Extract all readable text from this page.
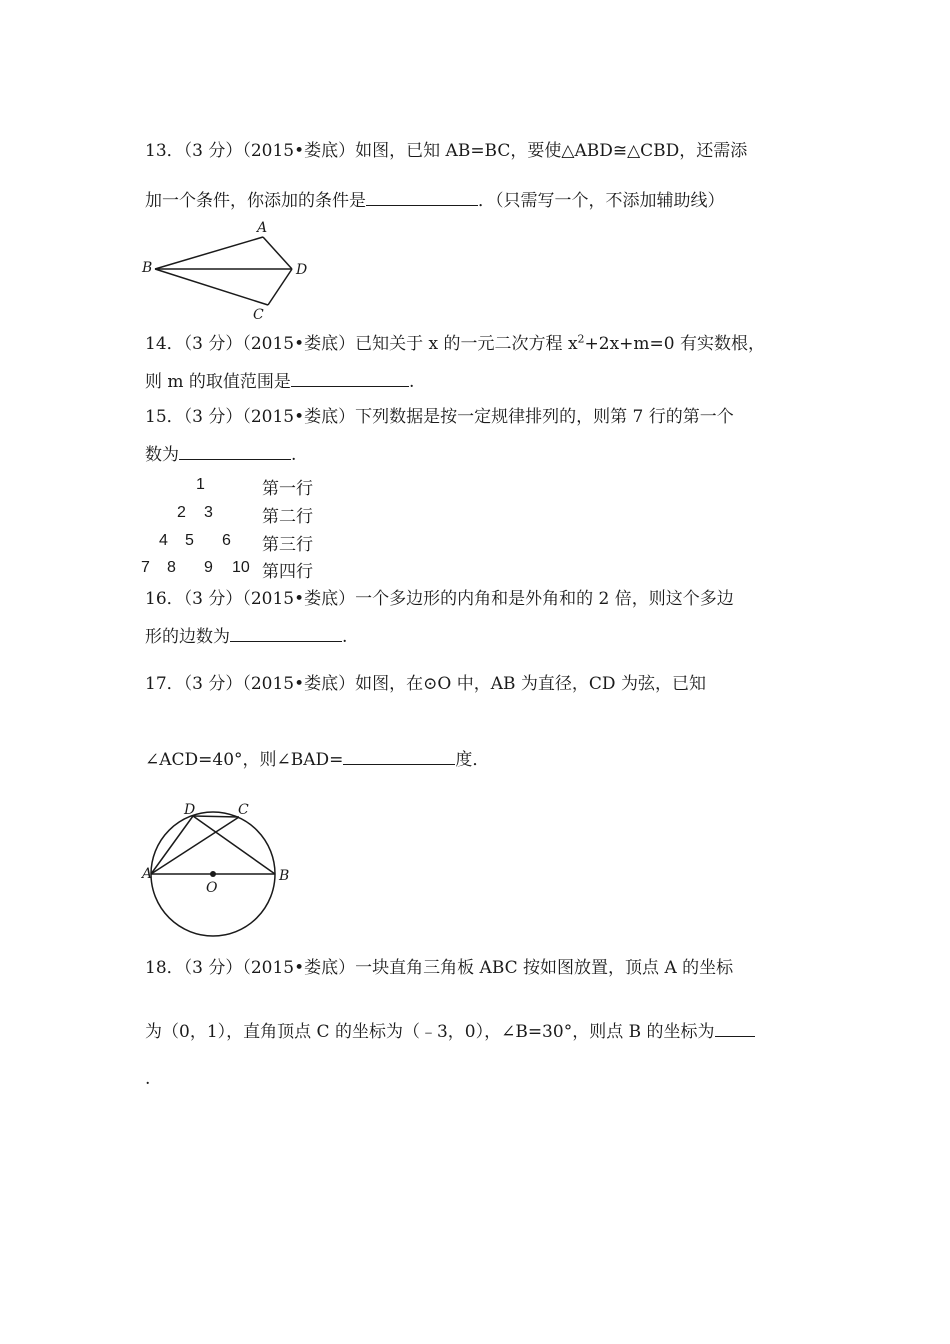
13．（3 分）（2015•娄底）如图，已知 AB=BC，要使△ABD≅△CBD，还需添

加一个条件，你添加的条件是	．（只需写一个，不添加辅助线）

A
B	D
C

14．（3 分）（2015•娄底）已知关于 x 的一元二次方程 $x^2+2x+m=0$ 有实数根，

则 m 的取值范围是	.

15．（3 分）（2015•娄底）下列数据是按一定规律排列的，则第 7 行的第一个

数为	.

1	第一行
2 3	第二行
4 5 6 第三行
7 8 9 10 第四行

16．（3 分）（2015•娄底）一个多边形的内角和是外角和的 2 倍，则这个多边

形的边数为	.

17．（3 分）（2015•娄底）如图，在⊙O 中，AB 为直径，CD 为弦，已知

∠ACD=40°，则∠BAD=	度．

D	C
A	B
O

18．（3 分）（2015•娄底）一块直角三角板 ABC 按如图放置，顶点 A 的坐标

为（0，1），直角顶点 C 的坐标为（﹣3，0），∠B=30°，则点 B 的坐标为

.
